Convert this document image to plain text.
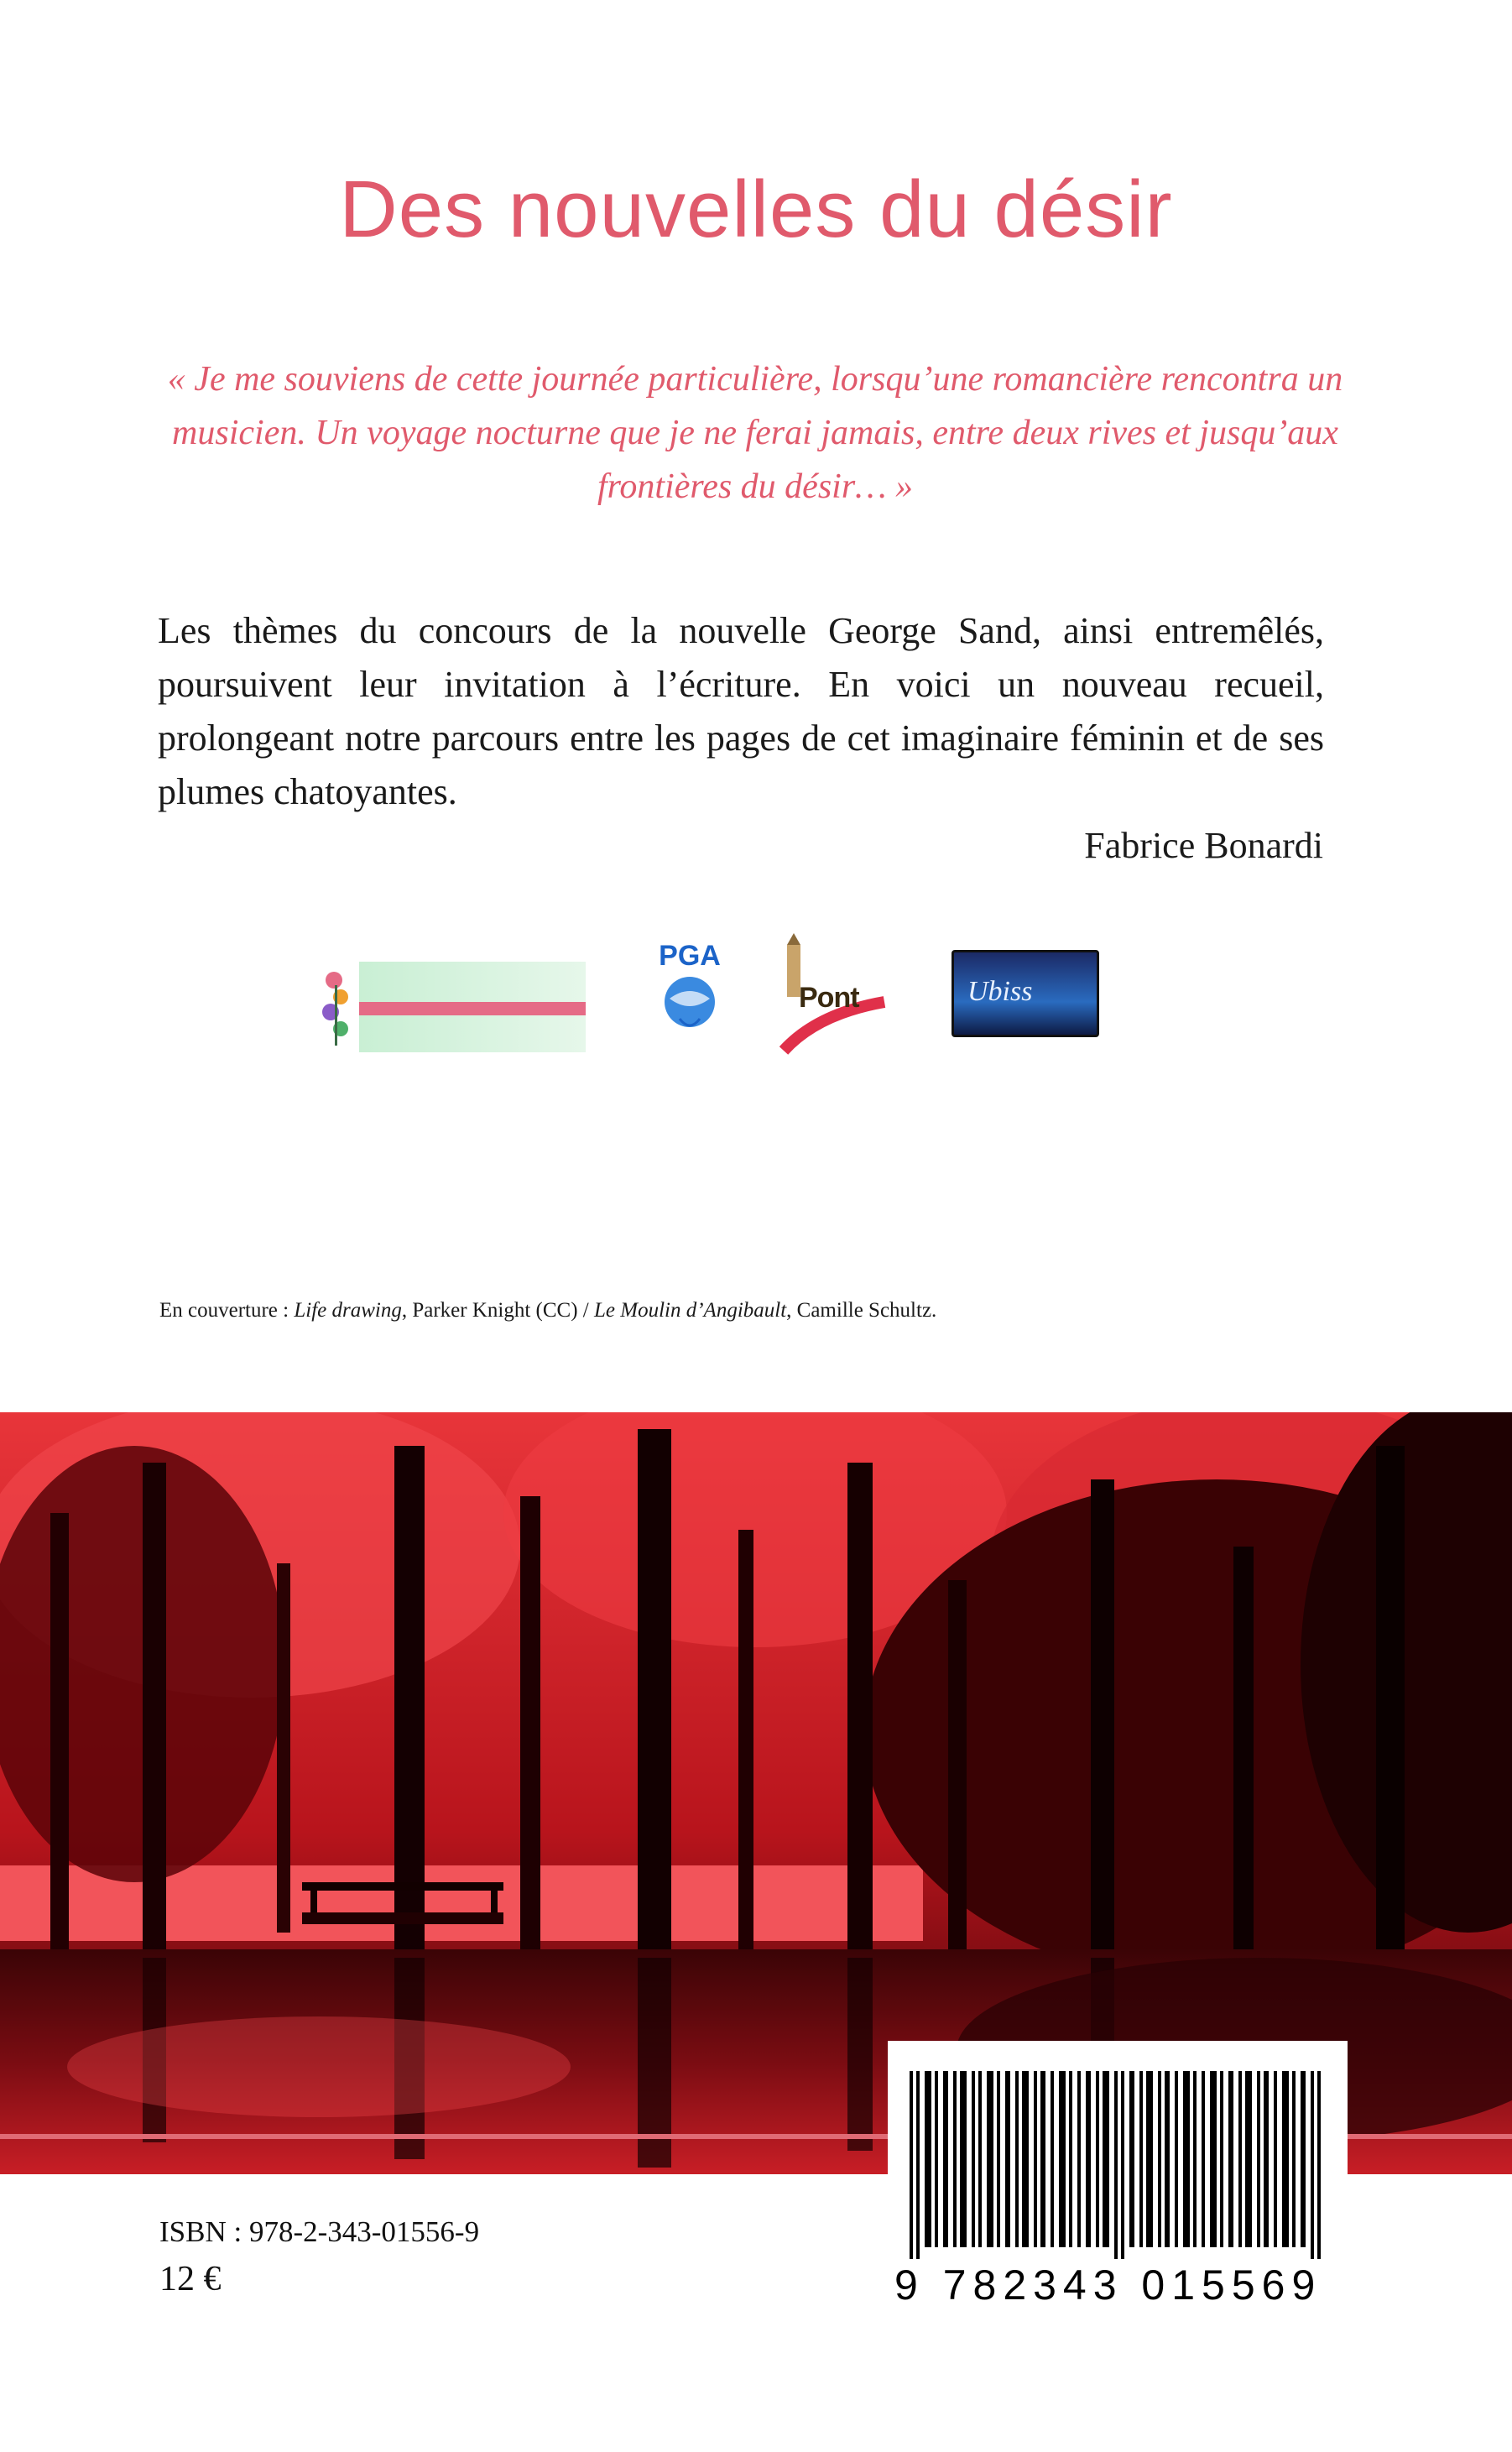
Des nouvelles du désir
« Je me souviens de cette journée particulière, lorsqu’une romancière rencontra un musicien. Un voyage nocturne que je ne ferai jamais, entre deux rives et jusqu’aux frontières du désir… »
Les thèmes du concours de la nouvelle George Sand, ainsi entremêlés, poursuivent leur invitation à l’écriture. En voici un nouveau recueil, prolongeant notre parcours entre les pages de cet imaginaire féminin et de ses plumes chatoyantes.
Fabrice Bonardi
PGA
Pont	Ubiss
En couverture : Life drawing, Parker Knight (CC) / Le Moulin d’Angibault, Camille Schultz.
ISBN : 978-2-343-01556-9
12 €	9 782343 015569
